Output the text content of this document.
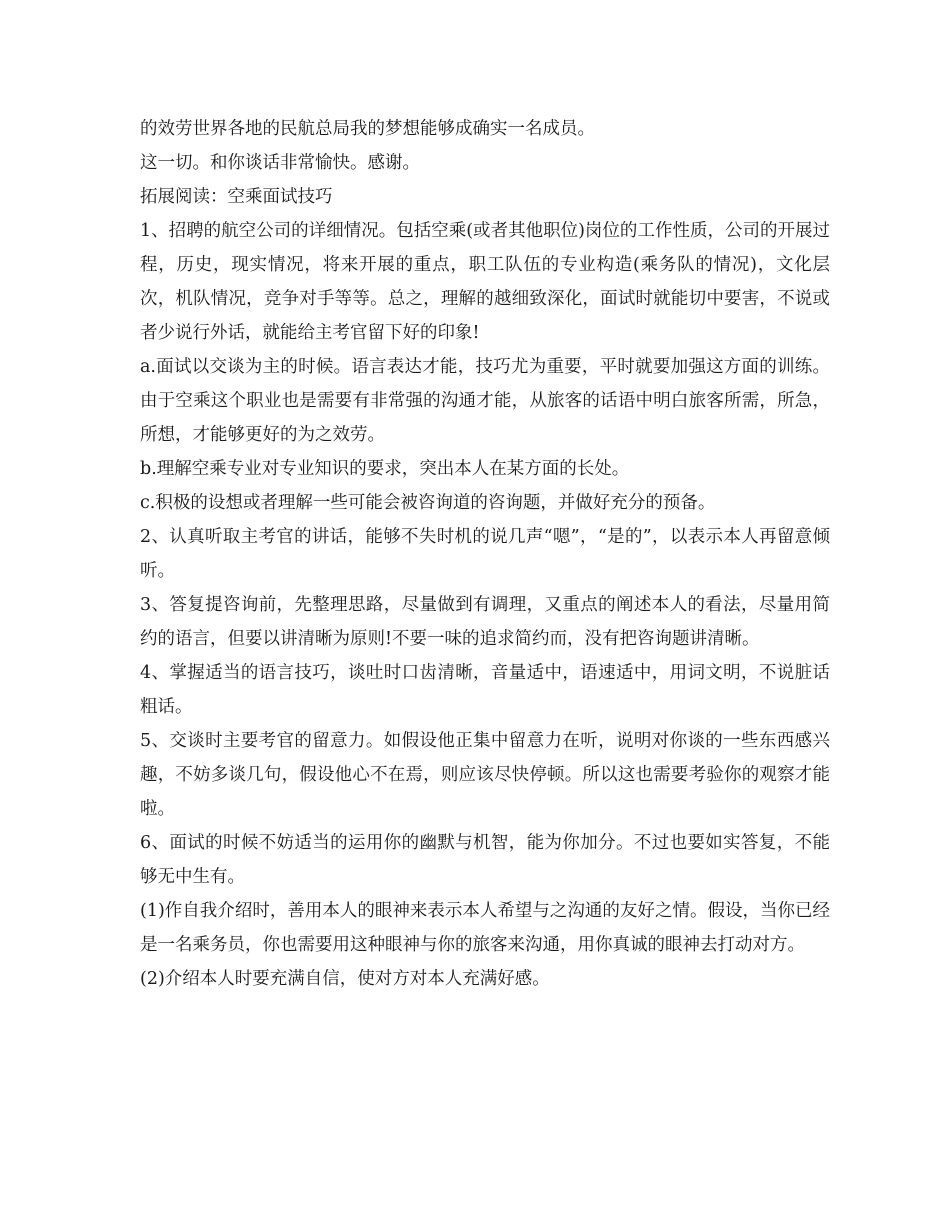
的效劳世界各地的民航总局我的梦想能够成确实一名成员。

这一切。和你谈话非常愉快。感谢。

拓展阅读：空乘面试技巧

1、招聘的航空公司的详细情况。包括空乘(或者其他职位)岗位的工作性质，公司的开展过程，历史，现实情况，将来开展的重点，职工队伍的专业构造(乘务队的情况)，文化层次，机队情况，竞争对手等等。总之，理解的越细致深化，面试时就能切中要害，不说或者少说行外话，就能给主考官留下好的印象!

a.面试以交谈为主的时候。语言表达才能，技巧尤为重要，平时就要加强这方面的训练。由于空乘这个职业也是需要有非常强的沟通才能，从旅客的话语中明白旅客所需，所急，所想，才能够更好的为之效劳。

b.理解空乘专业对专业知识的要求，突出本人在某方面的长处。

c.积极的设想或者理解一些可能会被咨询道的咨询题，并做好充分的预备。

2、认真听取主考官的讲话，能够不失时机的说几声“嗯”，“是的”，以表示本人再留意倾听。

3、答复提咨询前，先整理思路，尽量做到有调理，又重点的阐述本人的看法，尽量用简约的语言，但要以讲清晰为原则!不要一味的追求简约而，没有把咨询题讲清晰。

4、掌握适当的语言技巧，谈吐时口齿清晰，音量适中，语速适中，用词文明，不说脏话粗话。

5、交谈时主要考官的留意力。如假设他正集中留意力在听，说明对你谈的一些东西感兴趣，不妨多谈几句，假设他心不在焉，则应该尽快停顿。所以这也需要考验你的观察才能啦。

6、面试的时候不妨适当的运用你的幽默与机智，能为你加分。不过也要如实答复，不能够无中生有。

(1)作自我介绍时，善用本人的眼神来表示本人希望与之沟通的友好之情。假设，当你已经是一名乘务员，你也需要用这种眼神与你的旅客来沟通，用你真诚的眼神去打动对方。

(2)介绍本人时要充满自信，使对方对本人充满好感。
